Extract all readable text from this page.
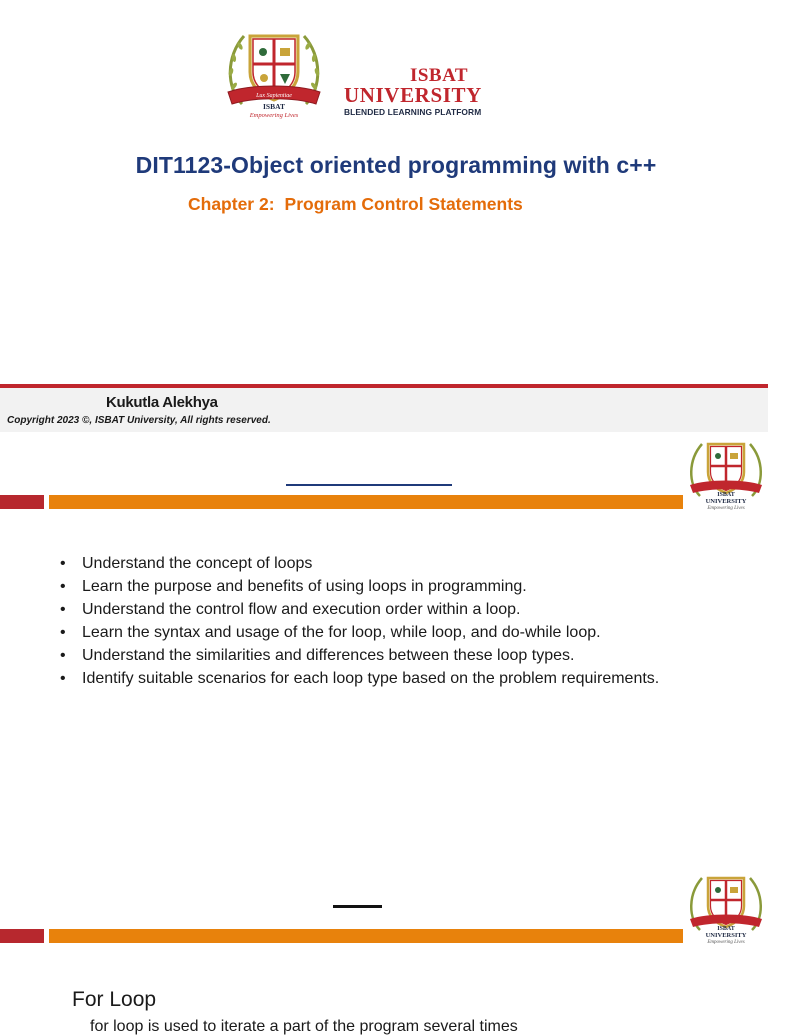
Lux Sapientiae
ISBAT
Empowering Lives
ISBAT
UNIVERSITY
BLENDED LEARNING PLATFORM
DIT1123-Object oriented programming with c++
Chapter 2: Program Control Statements
Kukutla Alekhya
Copyright 2023 ©, ISBAT University, All rights reserved.
ISBAT
UNIVERSITY
Empowering Lives
• Understand the concept of loops
• Learn the purpose and benefits of using loops in programming.
• Understand the control flow and execution order within a loop.
• Learn the syntax and usage of the for loop, while loop, and do-while loop.
• Understand the similarities and differences between these loop types.
• Identify suitable scenarios for each loop type based on the problem requirements.
ISBAT
UNIVERSITY
Empowering Lives
For Loop
for loop is used to iterate a part of the program several times
